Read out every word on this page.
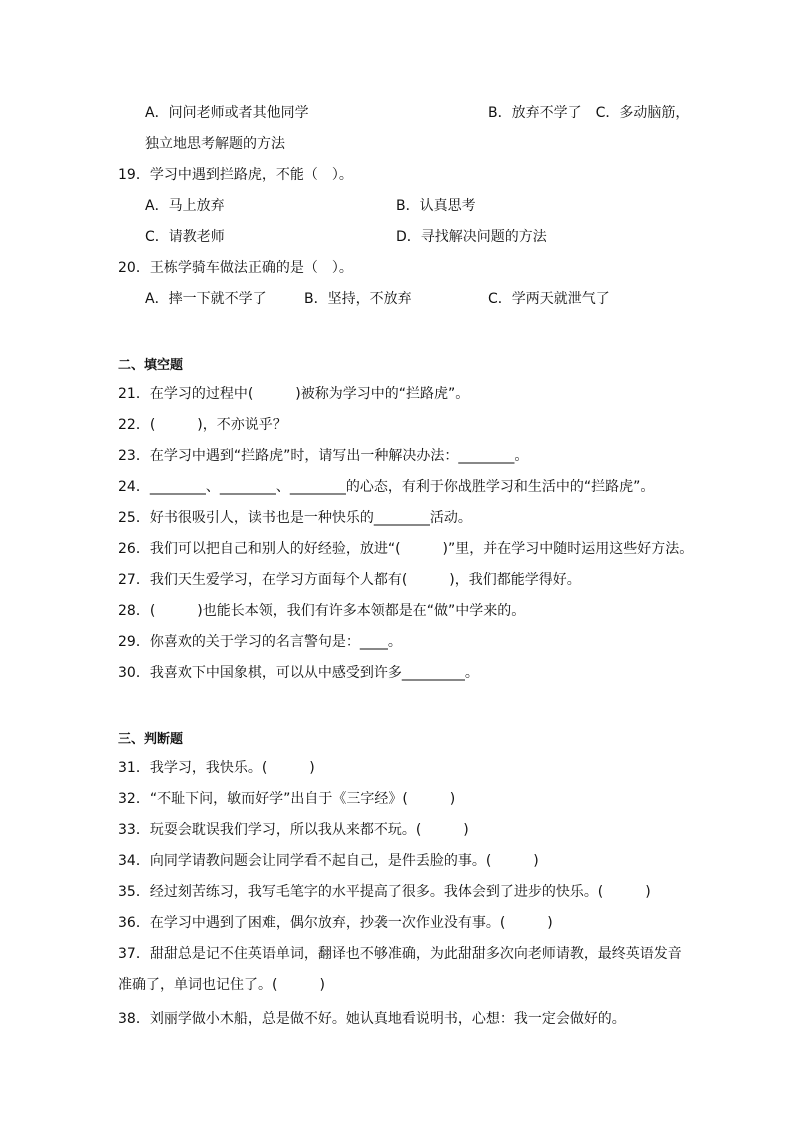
A．问问老师或者其他同学	B．放弃不学了　C．多动脑筋，
独立地思考解题的方法
19．学习中遇到拦路虎，不能（　）。
A．马上放弃	B．认真思考
C．请教老师	D．寻找解决问题的方法
20．王栋学骑车做法正确的是（　）。
A．摔一下就不学了	B．坚持，不放弃	C．学两天就泄气了
二、填空题
21．在学习的过程中(　　　)被称为学习中的“拦路虎”。
22．(　　　)，不亦说乎？
23．在学习中遇到“拦路虎”时，请写出一种解决办法：________。
24．________、________、________的心态，有利于你战胜学习和生活中的“拦路虎”。
25．好书很吸引人，读书也是一种快乐的________活动。
26．我们可以把自己和别人的好经验，放进“(　　　)”里，并在学习中随时运用这些好方法。
27．我们天生爱学习，在学习方面每个人都有(　　　)，我们都能学得好。
28．(　　　)也能长本领，我们有许多本领都是在“做”中学来的。
29．你喜欢的关于学习的名言警句是：____。
30．我喜欢下中国象棋，可以从中感受到许多_________。
三、判断题
31．我学习，我快乐。(　　　)
32．“不耻下问，敏而好学”出自于《三字经》(　　　)
33．玩耍会耽误我们学习，所以我从来都不玩。(　　　)
34．向同学请教问题会让同学看不起自己，是件丢脸的事。(　　　)
35．经过刻苦练习，我写毛笔字的水平提高了很多。我体会到了进步的快乐。(　　　)
36．在学习中遇到了困难，偶尔放弃，抄袭一次作业没有事。(　　　)
37．甜甜总是记不住英语单词，翻译也不够准确，为此甜甜多次向老师请教，最终英语发音
准确了，单词也记住了。(　　　)
38．刘丽学做小木船，总是做不好。她认真地看说明书，心想：我一定会做好的。
